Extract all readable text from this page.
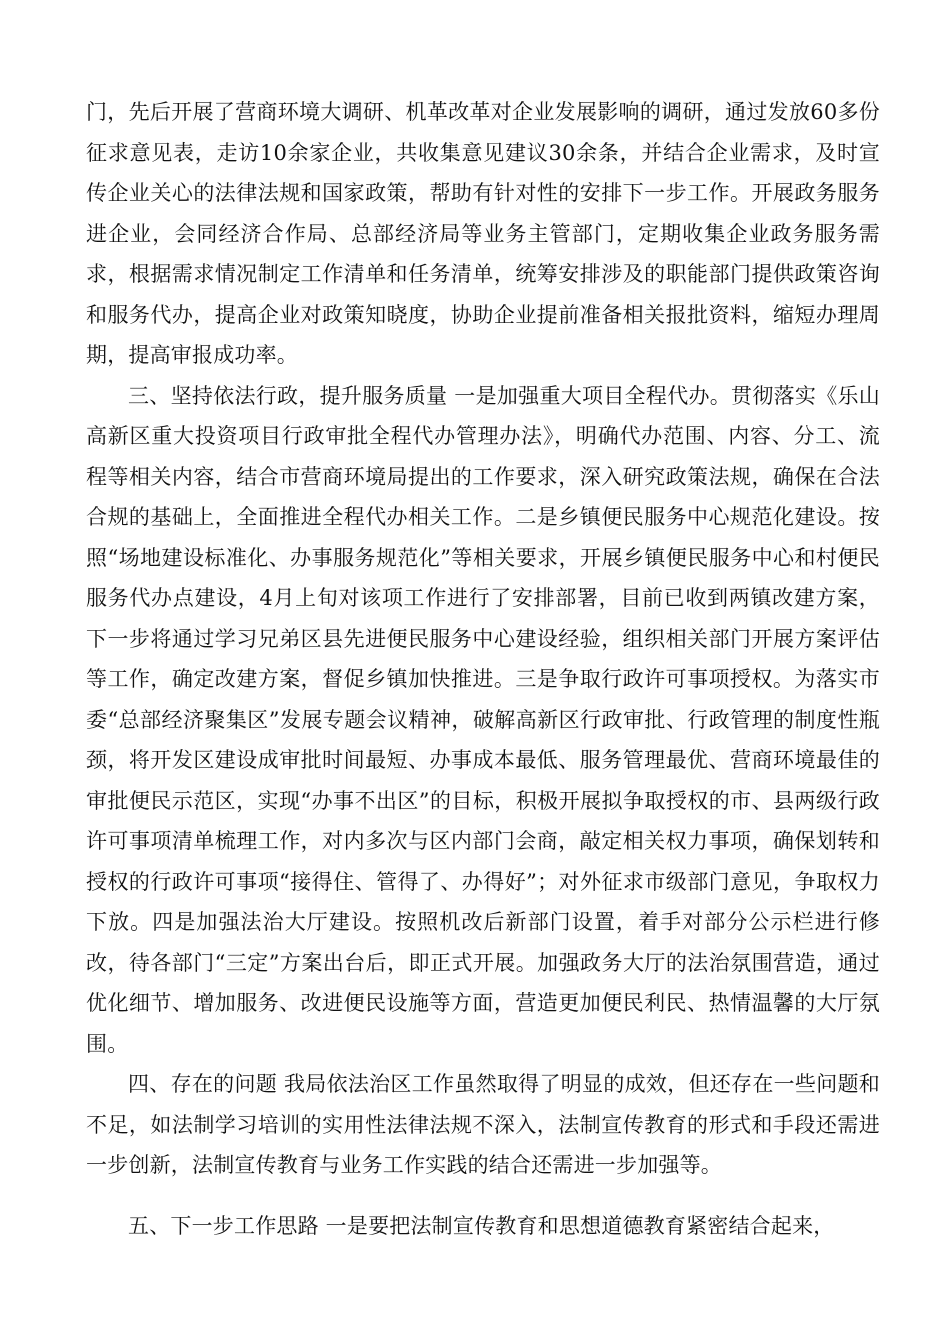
门，先后开展了营商环境大调研、机革改革对企业发展影响的调研，通过发放60多份征求意见表，走访10余家企业，共收集意见建议30余条，并结合企业需求，及时宣传企业关心的法律法规和国家政策，帮助有针对性的安排下一步工作。开展政务服务进企业，会同经济合作局、总部经济局等业务主管部门，定期收集企业政务服务需求，根据需求情况制定工作清单和任务清单，统筹安排涉及的职能部门提供政策咨询和服务代办，提高企业对政策知晓度，协助企业提前准备相关报批资料，缩短办理周期，提高审报成功率。

三、坚持依法行政，提升服务质量 一是加强重大项目全程代办。贯彻落实《乐山高新区重大投资项目行政审批全程代办管理办法》，明确代办范围、内容、分工、流程等相关内容，结合市营商环境局提出的工作要求，深入研究政策法规，确保在合法合规的基础上，全面推进全程代办相关工作。二是乡镇便民服务中心规范化建设。按照“场地建设标准化、办事服务规范化”等相关要求，开展乡镇便民服务中心和村便民服务代办点建设，4月上旬对该项工作进行了安排部署，目前已收到两镇改建方案，下一步将通过学习兄弟区县先进便民服务中心建设经验，组织相关部门开展方案评估等工作，确定改建方案，督促乡镇加快推进。三是争取行政许可事项授权。为落实市委“总部经济聚集区”发展专题会议精神，破解高新区行政审批、行政管理的制度性瓶颈，将开发区建设成审批时间最短、办事成本最低、服务管理最优、营商环境最佳的审批便民示范区，实现“办事不出区”的目标，积极开展拟争取授权的市、县两级行政许可事项清单梳理工作，对内多次与区内部门会商，敲定相关权力事项，确保划转和授权的行政许可事项“接得住、管得了、办得好”；对外征求市级部门意见，争取权力下放。四是加强法治大厅建设。按照机改后新部门设置，着手对部分公示栏进行修改，待各部门“三定”方案出台后，即正式开展。加强政务大厅的法治氛围营造，通过优化细节、增加服务、改进便民设施等方面，营造更加便民利民、热情温馨的大厅氛围。

四、存在的问题 我局依法治区工作虽然取得了明显的成效，但还存在一些问题和不足，如法制学习培训的实用性法律法规不深入，法制宣传教育的形式和手段还需进一步创新，法制宣传教育与业务工作实践的结合还需进一步加强等。

五、下一步工作思路 一是要把法制宣传教育和思想道德教育紧密结合起来，
